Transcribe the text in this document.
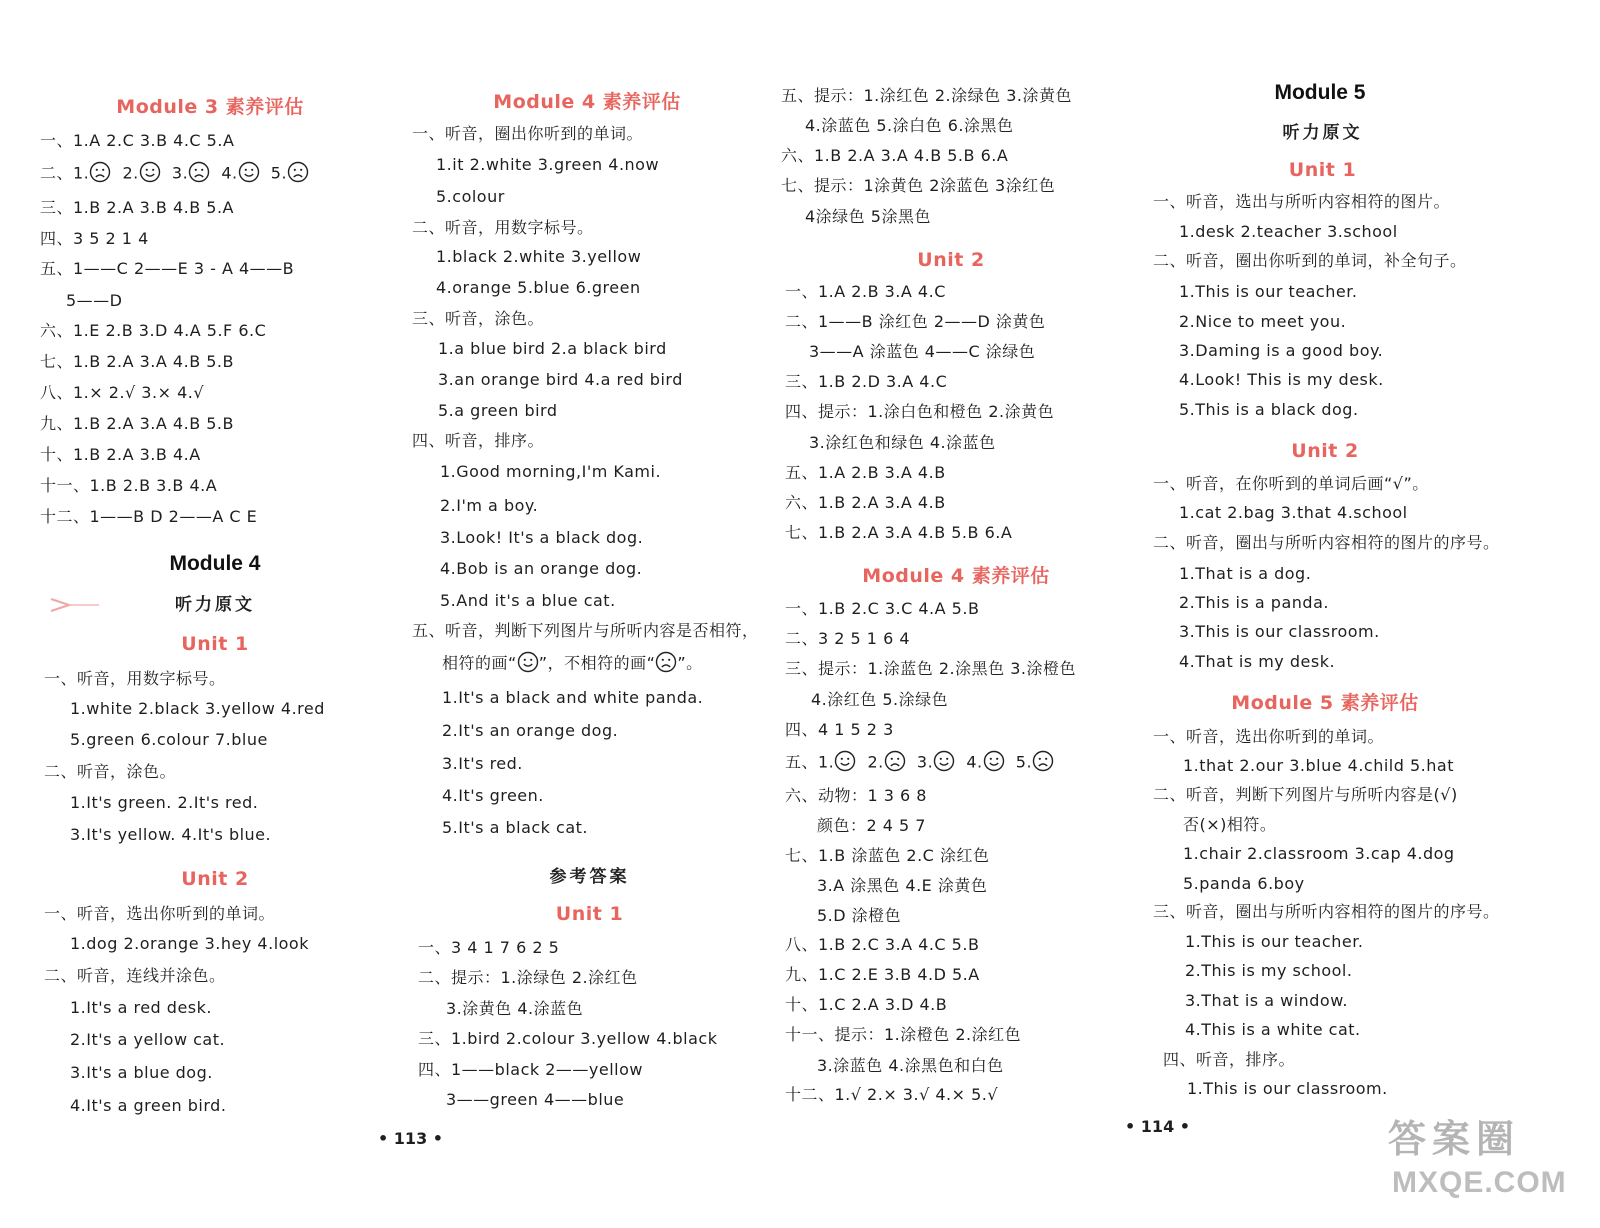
Module 3 素养评估
一、1.A 2.C 3.B 4.C 5.A
二、1. 2. 3. 4. 5.
三、1.B 2.A 3.B 4.B 5.A
四、3 5 2 1 4
五、1——C 2——E 3 - A 4——B
5——D
六、1.E 2.B 3.D 4.A 5.F 6.C
七、1.B 2.A 3.A 4.B 5.B
八、1.× 2.√ 3.× 4.√
九、1.B 2.A 3.A 4.B 5.B
十、1.B 2.A 3.B 4.A
十一、1.B 2.B 3.B 4.A
十二、1——B D 2——A C E
Module 4
听力原文
Unit 1
一、听音，用数字标号。
1.white 2.black 3.yellow 4.red
5.green 6.colour 7.blue
二、听音，涂色。
1.It's green. 2.It's red.
3.It's yellow. 4.It's blue.
Unit 2
一、听音，选出你听到的单词。
1.dog 2.orange 3.hey 4.look
二、听音，连线并涂色。
1.It's a red desk.
2.It's a yellow cat.
3.It's a blue dog.
4.It's a green bird.
Module 4 素养评估
一、听音，圈出你听到的单词。
1.it 2.white 3.green 4.now
5.colour
二、听音，用数字标号。
1.black 2.white 3.yellow
4.orange 5.blue 6.green
三、听音，涂色。
1.a blue bird 2.a black bird
3.an orange bird 4.a red bird
5.a green bird
四、听音，排序。
1.Good morning,I'm Kami.
2.I'm a boy.
3.Look! It's a black dog.
4.Bob is an orange dog.
5.And it's a blue cat.
五、听音，判断下列图片与所听内容是否相符，
相符的画“ ”，不相符的画“ ”。
1.It's a black and white panda.
2.It's an orange dog.
3.It's red.
4.It's green.
5.It's a black cat.
参考答案
Unit 1
一、3 4 1 7 6 2 5
二、提示：1.涂绿色 2.涂红色
3.涂黄色 4.涂蓝色
三、1.bird 2.colour 3.yellow 4.black
四、1——black 2——yellow
3——green 4——blue
• 113 •
五、提示：1.涂红色 2.涂绿色 3.涂黄色
4.涂蓝色 5.涂白色 6.涂黑色
六、1.B 2.A 3.A 4.B 5.B 6.A
七、提示：1涂黄色 2涂蓝色 3涂红色
4涂绿色 5涂黑色
Unit 2
一、1.A 2.B 3.A 4.C
二、1——B 涂红色 2——D 涂黄色
3——A 涂蓝色 4——C 涂绿色
三、1.B 2.D 3.A 4.C
四、提示：1.涂白色和橙色 2.涂黄色
3.涂红色和绿色 4.涂蓝色
五、1.A 2.B 3.A 4.B
六、1.B 2.A 3.A 4.B
七、1.B 2.A 3.A 4.B 5.B 6.A
Module 4 素养评估
一、1.B 2.C 3.C 4.A 5.B
二、3 2 5 1 6 4
三、提示：1.涂蓝色 2.涂黑色 3.涂橙色
4.涂红色 5.涂绿色
四、4 1 5 2 3
五、1. 2. 3. 4. 5.
六、动物：1 3 6 8
颜色：2 4 5 7
七、1.B 涂蓝色 2.C 涂红色
3.A 涂黑色 4.E 涂黄色
5.D 涂橙色
八、1.B 2.C 3.A 4.C 5.B
九、1.C 2.E 3.B 4.D 5.A
十、1.C 2.A 3.D 4.B
十一、提示：1.涂橙色 2.涂红色
3.涂蓝色 4.涂黑色和白色
十二、1.√ 2.× 3.√ 4.× 5.√
Module 5
听力原文
Unit 1
一、听音，选出与所听内容相符的图片。
1.desk 2.teacher 3.school
二、听音，圈出你听到的单词，补全句子。
1.This is our teacher.
2.Nice to meet you.
3.Daming is a good boy.
4.Look! This is my desk.
5.This is a black dog.
Unit 2
一、听音，在你听到的单词后画“√”。
1.cat 2.bag 3.that 4.school
二、听音，圈出与所听内容相符的图片的序号。
1.That is a dog.
2.This is a panda.
3.This is our classroom.
4.That is my desk.
Module 5 素养评估
一、听音，选出你听到的单词。
1.that 2.our 3.blue 4.child 5.hat
二、听音，判断下列图片与所听内容是(√)
否(×)相符。
1.chair 2.classroom 3.cap 4.dog
5.panda 6.boy
三、听音，圈出与所听内容相符的图片的序号。
1.This is our teacher.
2.This is my school.
3.That is a window.
4.This is a white cat.
四、听音，排序。
1.This is our classroom.
• 114 •	答案圈
MXQE.COM
